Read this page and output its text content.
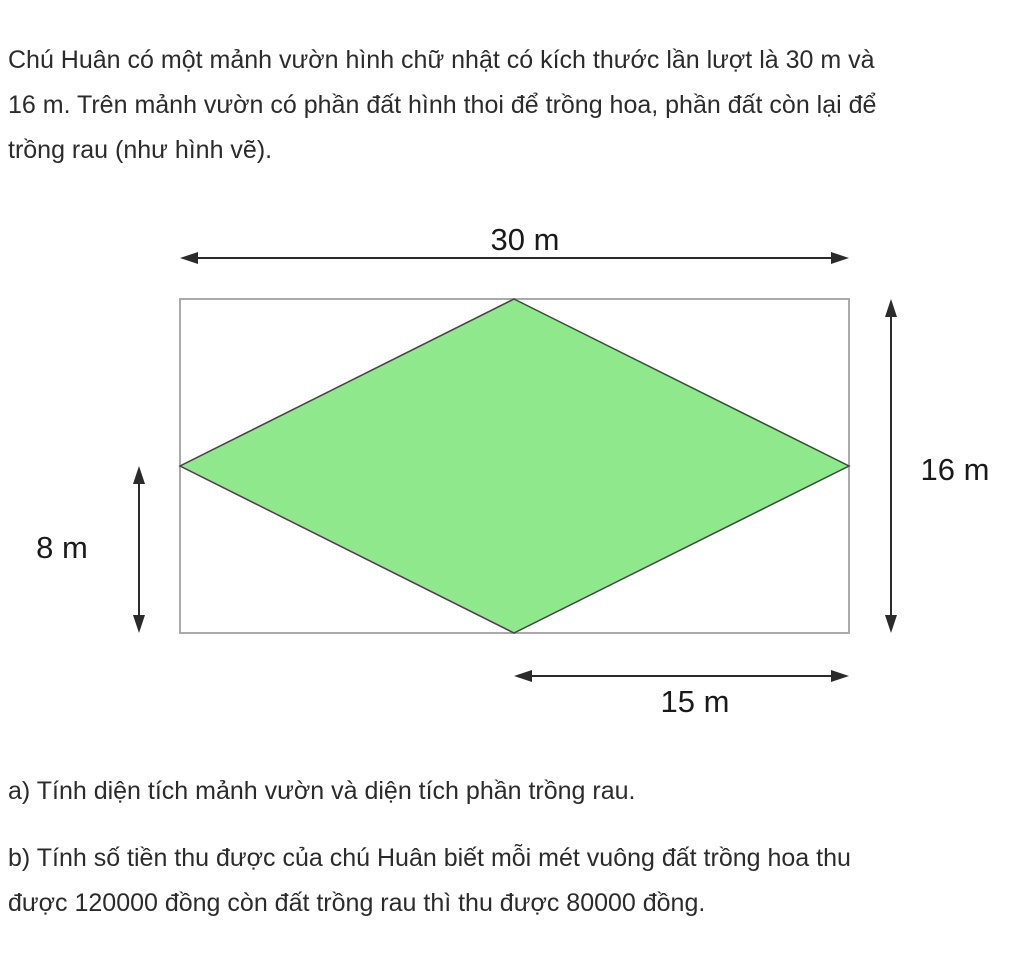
Chú Huân có một mảnh vườn hình chữ nhật có kích thước lần lượt là 30 m và
16 m. Trên mảnh vườn có phần đất hình thoi để trồng hoa, phần đất còn lại để
trồng rau (như hình vẽ).

30 m
16 m
8 m
15 m

a) Tính diện tích mảnh vườn và diện tích phần trồng rau.

b) Tính số tiền thu được của chú Huân biết mỗi mét vuông đất trồng hoa thu
được 120000 đồng còn đất trồng rau thì thu được 80000 đồng.
